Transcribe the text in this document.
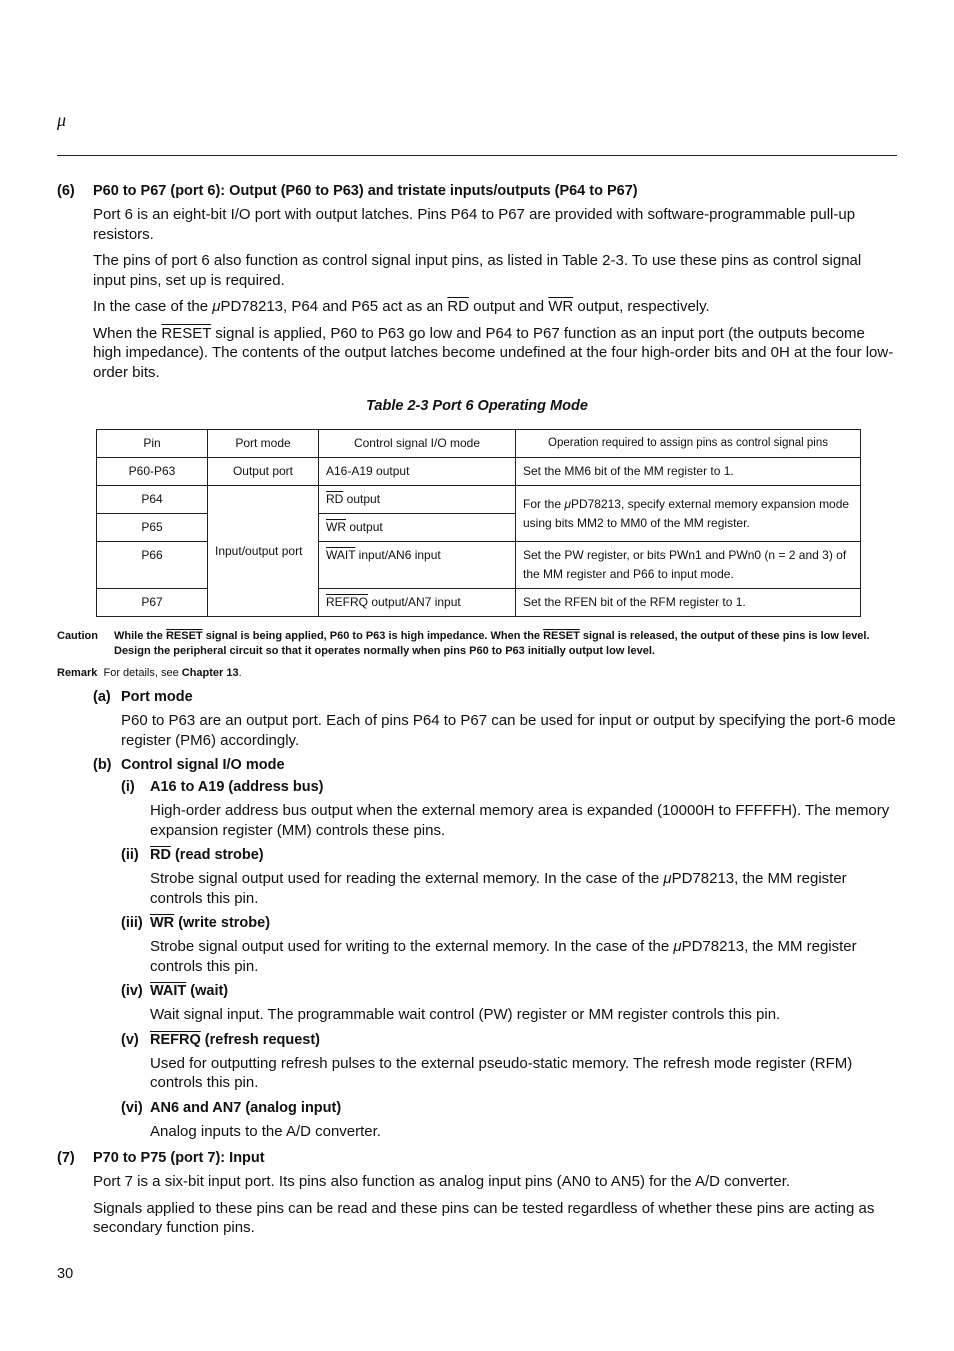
μ
(6)	P60 to P67 (port 6): Output (P60 to P63) and tristate inputs/outputs (P64 to P67)

Port 6 is an eight-bit I/O port with output latches. Pins P64 to P67 are provided with software-programmable pull-up resistors.

The pins of port 6 also function as control signal input pins, as listed in Table 2-3. To use these pins as control signal input pins, set up is required.

In the case of the μPD78213, P64 and P65 act as an $\overline{RD}$ output and $\overline{WR}$ output, respectively.

When the RESET signal is applied, P60 to P63 go low and P64 to P67 function as an input port (the outputs become high impedance). The contents of the output latches become undefined at the four high-order bits and 0H at the four low-order bits.

Table 2-3 Port 6 Operating Mode
Pin	Port mode	Control signal I/O mode	Operation required to assign pins as control signal pins
P60-P63	Output port	A16-A19 output	Set the MM6 bit of the MM register to 1.
P64	Input/output port	$\overline{RD}$ output	For the μPD78213, specify external memory expansion mode using bits MM2 to MM0 of the MM register.
P65		$\overline{WR}$ output	
P66		WAIT input/AN6 input	Set the PW register, or bits PWn1 and PWn0 (n = 2 and 3) of the MM register and P66 to input mode.
P67		REFRQ output/AN7 input	Set the RFEN bit of the RFM register to 1.
Caution	While the RESET signal is being applied, P60 to P63 is high impedance. When the RESET signal is released, the output of these pins is low level. Design the peripheral circuit so that it operates normally when pins P60 to P63 initially output low level.
Remark For details, see Chapter 13.
(a) Port mode

P60 to P63 are an output port. Each of pins P64 to P67 can be used for input or output by specifying the port-6 mode register (PM6) accordingly.

(b) Control signal I/O mode
(i) A16 to A19 (address bus)

High-order address bus output when the external memory area is expanded (10000H to FFFFFH). The memory expansion register (MM) controls these pins.

(ii) $\overline{RD}$ (read strobe)

Strobe signal output used for reading the external memory. In the case of the μPD78213, the MM register controls this pin.

(iii) $\overline{WR}$ (write strobe)

Strobe signal output used for writing to the external memory. In the case of the μPD78213, the MM register controls this pin.

(iv) WAIT (wait)

Wait signal input. The programmable wait control (PW) register or MM register controls this pin.

(v) REFRQ (refresh request)

Used for outputting refresh pulses to the external pseudo-static memory. The refresh mode register (RFM) controls this pin.

(vi) AN6 and AN7 (analog input)

Analog inputs to the A/D converter.

(7)	P70 to P75 (port 7): Input

Port 7 is a six-bit input port. Its pins also function as analog input pins (AN0 to AN5) for the A/D converter.

Signals applied to these pins can be read and these pins can be tested regardless of whether these pins are acting as secondary function pins.

30
